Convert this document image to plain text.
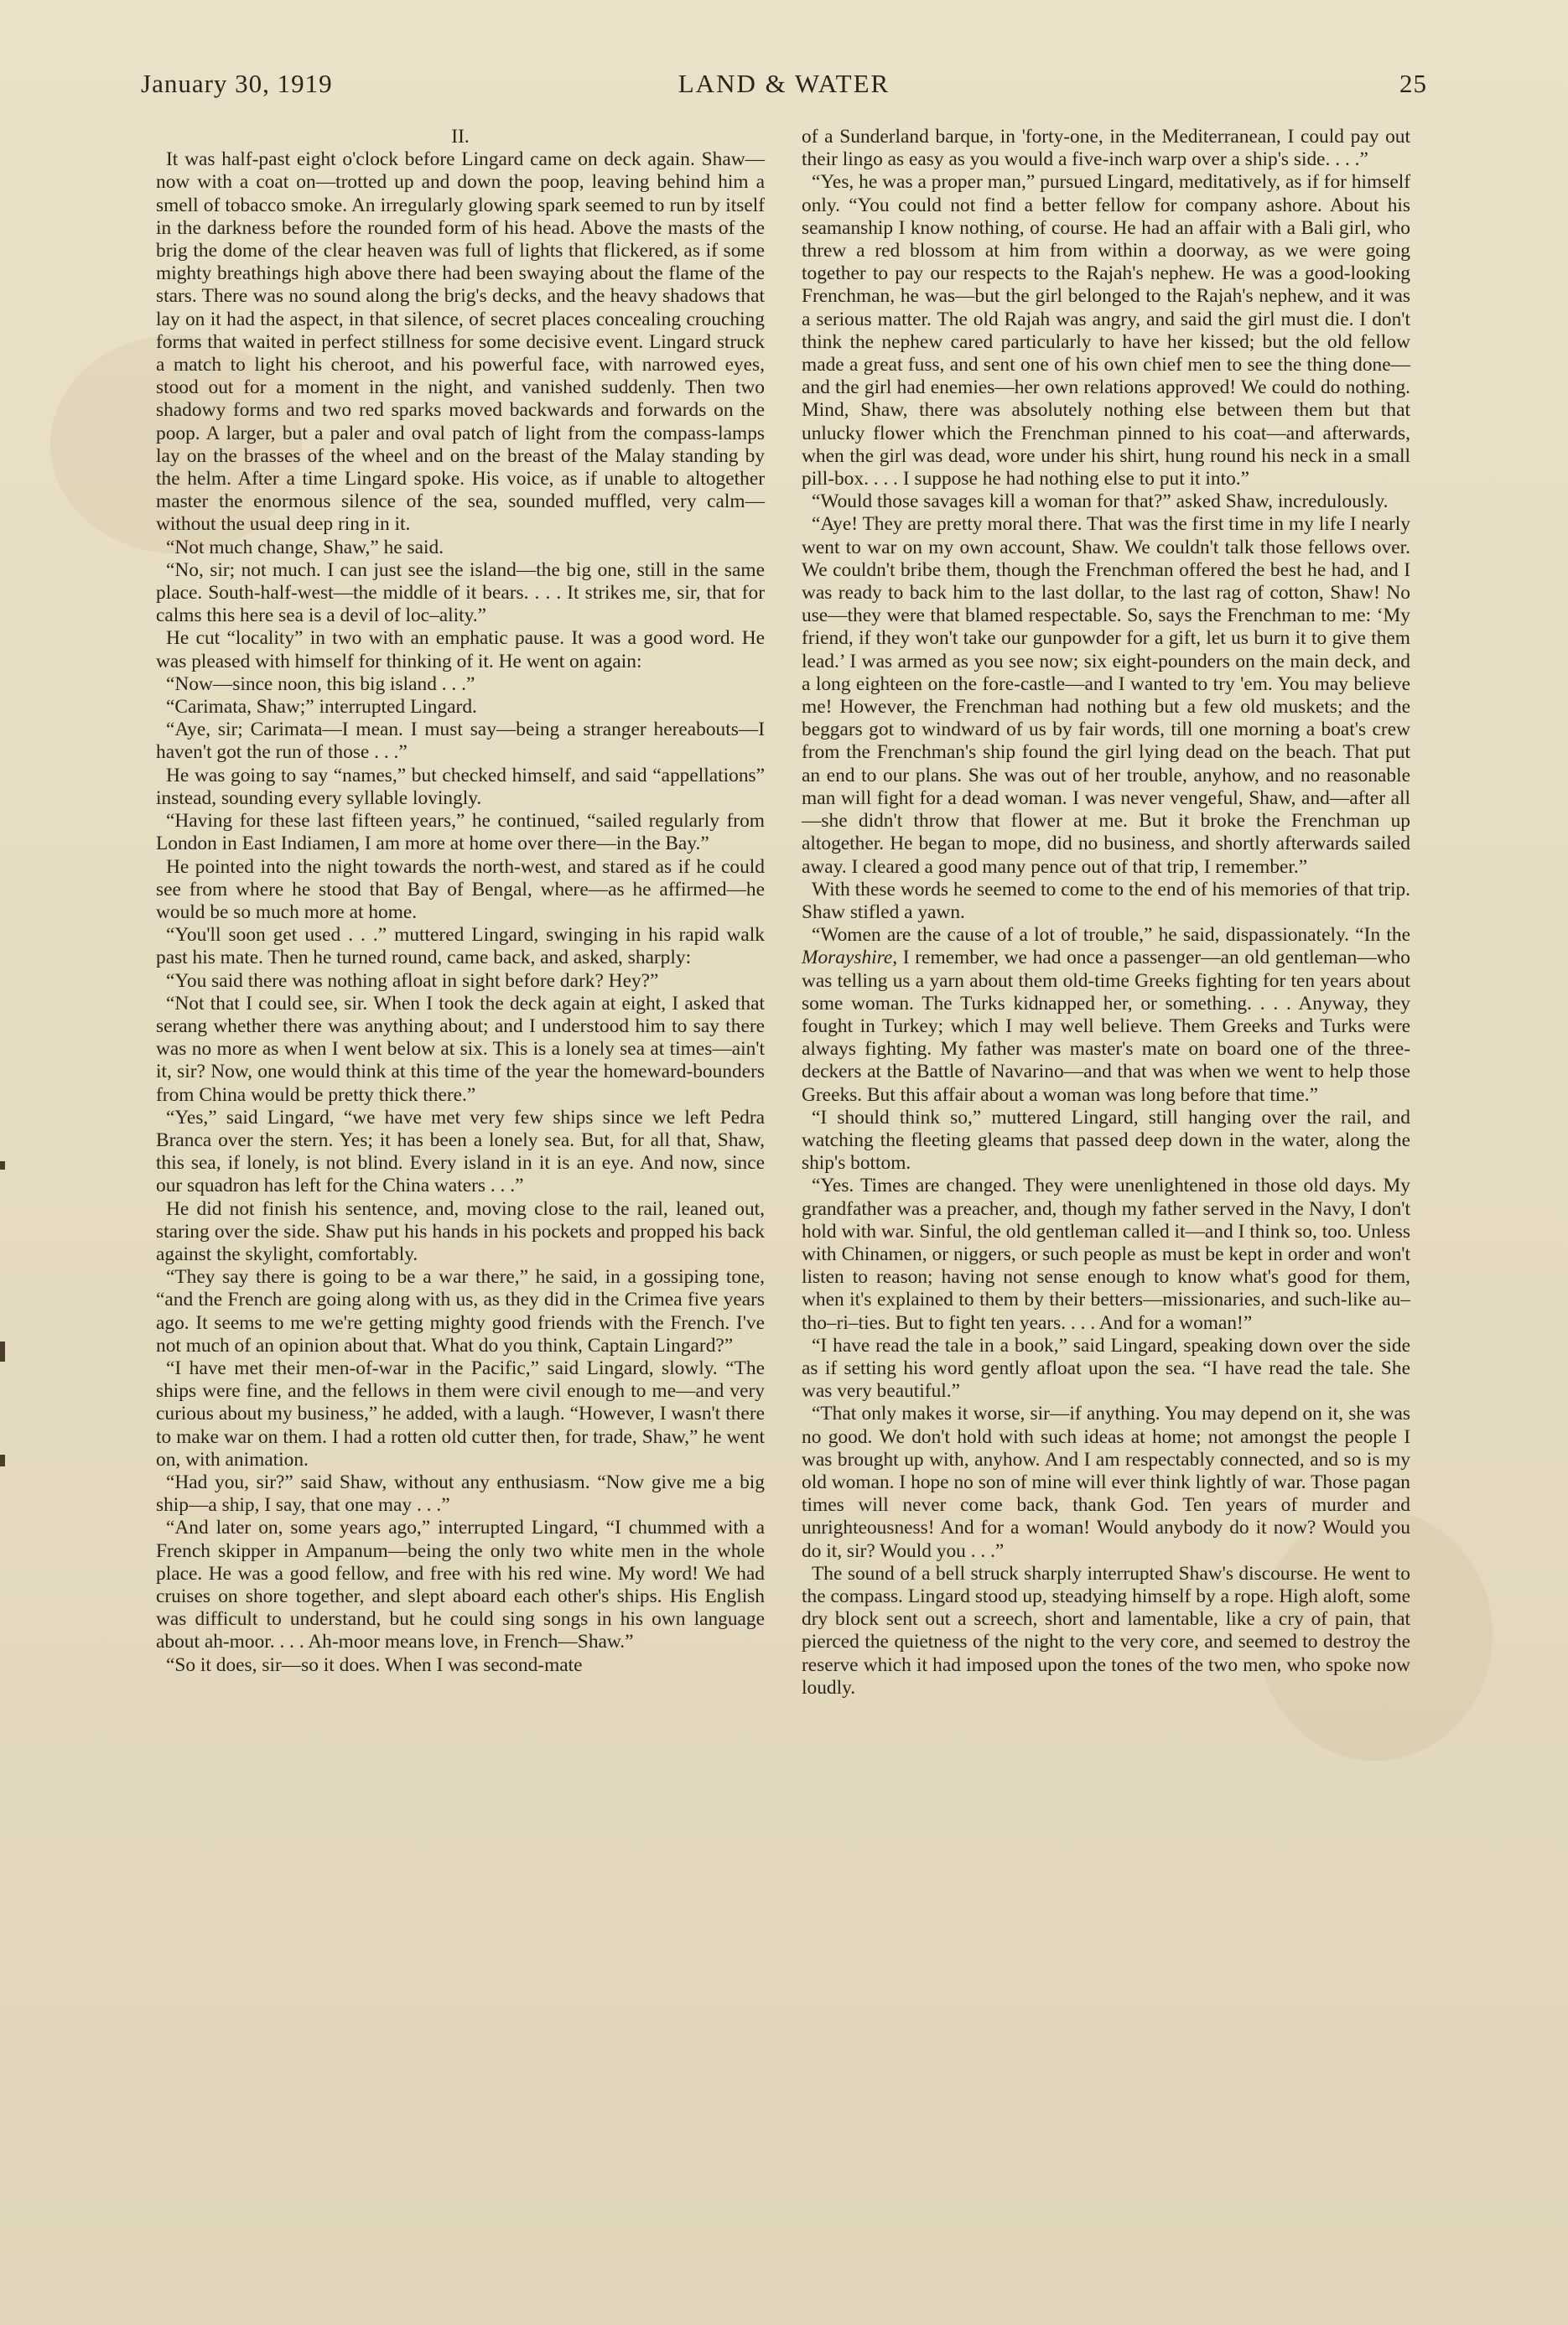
January 30, 1919	LAND & WATER	25

II.

It was half-past eight o'clock before Lingard came on deck again. Shaw—now with a coat on—trotted up and down the poop, leaving behind him a smell of tobacco smoke. An irregularly glowing spark seemed to run by itself in the darkness before the rounded form of his head. Above the masts of the brig the dome of the clear heaven was full of lights that flickered, as if some mighty breathings high above there had been swaying about the flame of the stars. There was no sound along the brig's decks, and the heavy shadows that lay on it had the aspect, in that silence, of secret places concealing crouching forms that waited in perfect stillness for some decisive event. Lingard struck a match to light his cheroot, and his powerful face, with narrowed eyes, stood out for a moment in the night, and vanished suddenly. Then two shadowy forms and two red sparks moved backwards and forwards on the poop. A larger, but a paler and oval patch of light from the compass-lamps lay on the brasses of the wheel and on the breast of the Malay standing by the helm. After a time Lingard spoke. His voice, as if unable to altogether master the enormous silence of the sea, sounded muffled, very calm—without the usual deep ring in it.

“Not much change, Shaw,” he said.

“No, sir; not much. I can just see the island—the big one, still in the same place. South-half-west—the middle of it bears. . . . It strikes me, sir, that for calms this here sea is a devil of loc–ality.”

He cut “locality” in two with an emphatic pause. It was a good word. He was pleased with himself for thinking of it. He went on again:

“Now—since noon, this big island . . .”

“Carimata, Shaw;” interrupted Lingard.

“Aye, sir; Carimata—I mean. I must say—being a stranger hereabouts—I haven't got the run of those . . .”

He was going to say “names,” but checked himself, and said “appellations” instead, sounding every syllable lovingly.

“Having for these last fifteen years,” he continued, “sailed regularly from London in East Indiamen, I am more at home over there—in the Bay.”

He pointed into the night towards the north-west, and stared as if he could see from where he stood that Bay of Bengal, where—as he affirmed—he would be so much more at home.

“You'll soon get used . . .” muttered Lingard, swinging in his rapid walk past his mate. Then he turned round, came back, and asked, sharply:

“You said there was nothing afloat in sight before dark? Hey?”

“Not that I could see, sir. When I took the deck again at eight, I asked that serang whether there was anything about; and I understood him to say there was no more as when I went below at six. This is a lonely sea at times—ain't it, sir? Now, one would think at this time of the year the homeward-bounders from China would be pretty thick there.”

“Yes,” said Lingard, “we have met very few ships since we left Pedra Branca over the stern. Yes; it has been a lonely sea. But, for all that, Shaw, this sea, if lonely, is not blind. Every island in it is an eye. And now, since our squadron has left for the China waters . . .”

He did not finish his sentence, and, moving close to the rail, leaned out, staring over the side. Shaw put his hands in his pockets and propped his back against the skylight, comfortably.

“They say there is going to be a war there,” he said, in a gossiping tone, “and the French are going along with us, as they did in the Crimea five years ago. It seems to me we're getting mighty good friends with the French. I've not much of an opinion about that. What do you think, Captain Lingard?”

“I have met their men-of-war in the Pacific,” said Lingard, slowly. “The ships were fine, and the fellows in them were civil enough to me—and very curious about my business,” he added, with a laugh. “However, I wasn't there to make war on them. I had a rotten old cutter then, for trade, Shaw,” he went on, with animation.

“Had you, sir?” said Shaw, without any enthusiasm. “Now give me a big ship—a ship, I say, that one may . . .”

“And later on, some years ago,” interrupted Lingard, “I chummed with a French skipper in Ampanum—being the only two white men in the whole place. He was a good fellow, and free with his red wine. My word! We had cruises on shore together, and slept aboard each other's ships. His English was difficult to understand, but he could sing songs in his own language about ah-moor. . . . Ah-moor means love, in French—Shaw.”

“So it does, sir—so it does. When I was second-mate

of a Sunderland barque, in 'forty-one, in the Mediterranean, I could pay out their lingo as easy as you would a five-inch warp over a ship's side. . . .”

“Yes, he was a proper man,” pursued Lingard, meditatively, as if for himself only. “You could not find a better fellow for company ashore. About his seamanship I know nothing, of course. He had an affair with a Bali girl, who threw a red blossom at him from within a doorway, as we were going together to pay our respects to the Rajah's nephew. He was a good-looking Frenchman, he was—but the girl belonged to the Rajah's nephew, and it was a serious matter. The old Rajah was angry, and said the girl must die. I don't think the nephew cared particularly to have her kissed; but the old fellow made a great fuss, and sent one of his own chief men to see the thing done—and the girl had enemies—her own relations approved! We could do nothing. Mind, Shaw, there was absolutely nothing else between them but that unlucky flower which the Frenchman pinned to his coat—and afterwards, when the girl was dead, wore under his shirt, hung round his neck in a small pill-box. . . . I suppose he had nothing else to put it into.”

“Would those savages kill a woman for that?” asked Shaw, incredulously.

“Aye! They are pretty moral there. That was the first time in my life I nearly went to war on my own account, Shaw. We couldn't talk those fellows over. We couldn't bribe them, though the Frenchman offered the best he had, and I was ready to back him to the last dollar, to the last rag of cotton, Shaw! No use—they were that blamed respectable. So, says the Frenchman to me: ‘My friend, if they won't take our gunpowder for a gift, let us burn it to give them lead.’ I was armed as you see now; six eight-pounders on the main deck, and a long eighteen on the fore-castle—and I wanted to try 'em. You may believe me! However, the Frenchman had nothing but a few old muskets; and the beggars got to windward of us by fair words, till one morning a boat's crew from the Frenchman's ship found the girl lying dead on the beach. That put an end to our plans. She was out of her trouble, anyhow, and no reasonable man will fight for a dead woman. I was never vengeful, Shaw, and—after all—she didn't throw that flower at me. But it broke the Frenchman up altogether. He began to mope, did no business, and shortly afterwards sailed away. I cleared a good many pence out of that trip, I remember.”

With these words he seemed to come to the end of his memories of that trip. Shaw stifled a yawn.

“Women are the cause of a lot of trouble,” he said, dispassionately. “In the Morayshire, I remember, we had once a passenger—an old gentleman—who was telling us a yarn about them old-time Greeks fighting for ten years about some woman. The Turks kidnapped her, or something. . . . Anyway, they fought in Turkey; which I may well believe. Them Greeks and Turks were always fighting. My father was master's mate on board one of the three-deckers at the Battle of Navarino—and that was when we went to help those Greeks. But this affair about a woman was long before that time.”

“I should think so,” muttered Lingard, still hanging over the rail, and watching the fleeting gleams that passed deep down in the water, along the ship's bottom.

“Yes. Times are changed. They were unenlightened in those old days. My grandfather was a preacher, and, though my father served in the Navy, I don't hold with war. Sinful, the old gentleman called it—and I think so, too. Unless with Chinamen, or niggers, or such people as must be kept in order and won't listen to reason; having not sense enough to know what's good for them, when it's explained to them by their betters—missionaries, and such-like au–tho–ri–ties. But to fight ten years. . . . And for a woman!”

“I have read the tale in a book,” said Lingard, speaking down over the side as if setting his word gently afloat upon the sea. “I have read the tale. She was very beautiful.”

“That only makes it worse, sir—if anything. You may depend on it, she was no good. We don't hold with such ideas at home; not amongst the people I was brought up with, anyhow. And I am respectably connected, and so is my old woman. I hope no son of mine will ever think lightly of war. Those pagan times will never come back, thank God. Ten years of murder and unrighteousness! And for a woman! Would anybody do it now? Would you do it, sir? Would you . . .”

The sound of a bell struck sharply interrupted Shaw's discourse. He went to the compass. Lingard stood up, steadying himself by a rope. High aloft, some dry block sent out a screech, short and lamentable, like a cry of pain, that pierced the quietness of the night to the very core, and seemed to destroy the reserve which it had imposed upon the tones of the two men, who spoke now loudly.
